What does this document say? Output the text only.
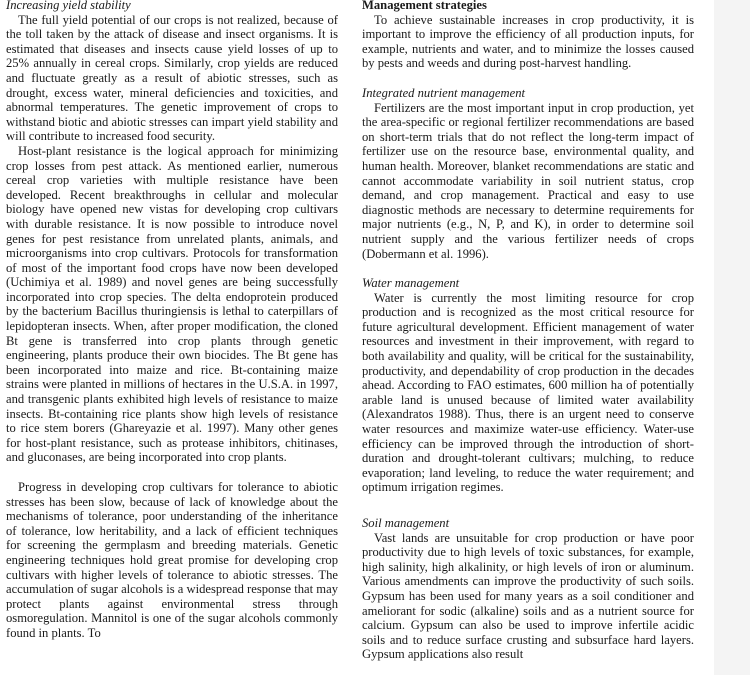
Increasing yield stability

The full yield potential of our crops is not realized, because of the toll taken by the attack of disease and insect organisms. It is estimated that diseases and insects cause yield losses of up to 25% annually in cereal crops. Similarly, crop yields are reduced and fluctuate greatly as a result of abiotic stresses, such as drought, excess water, mineral deficiencies and toxicities, and abnormal temperatures. The genetic improvement of crops to withstand biotic and abiotic stresses can impart yield stability and will contribute to increased food security.

Host-plant resistance is the logical approach for minimizing crop losses from pest attack. As mentioned earlier, numerous cereal crop varieties with multiple resistance have been developed. Recent breakthroughs in cellular and molecular biology have opened new vistas for developing crop cultivars with durable resistance. It is now possible to introduce novel genes for pest resistance from unrelated plants, animals, and microorganisms into crop cultivars. Protocols for transformation of most of the important food crops have now been developed (Uchimiya et al. 1989) and novel genes are being successfully incorporated into crop species. The delta endoprotein produced by the bacterium Bacillus thuringiensis is lethal to caterpillars of lepidopteran insects. When, after proper modification, the cloned Bt gene is transferred into crop plants through genetic engineering, plants produce their own biocides. The Bt gene has been incorporated into maize and rice. Bt-containing maize strains were planted in millions of hectares in the U.S.A. in 1997, and transgenic plants exhibited high levels of resistance to maize insects. Bt-containing rice plants show high levels of resistance to rice stem borers (Ghareyazie et al. 1997). Many other genes for host-plant resistance, such as protease inhibitors, chitinases, and gluconases, are being incorporated into crop plants.

Progress in developing crop cultivars for tolerance to abiotic stresses has been slow, because of lack of knowledge about the mechanisms of tolerance, poor understanding of the inheritance of tolerance, low heritability, and a lack of efficient techniques for screening the germplasm and breeding materials. Genetic engineering techniques hold great promise for developing crop cultivars with higher levels of tolerance to abiotic stresses. The accumulation of sugar alcohols is a widespread response that may protect plants against environmental stress through osmoregulation. Mannitol is one of the sugar alcohols commonly found in plants. To

Management strategies

To achieve sustainable increases in crop productivity, it is important to improve the efficiency of all production inputs, for example, nutrients and water, and to minimize the losses caused by pests and weeds and during post-harvest handling.

Integrated nutrient management

Fertilizers are the most important input in crop production, yet the area-specific or regional fertilizer recommendations are based on short-term trials that do not reflect the long-term impact of fertilizer use on the resource base, environmental quality, and human health. Moreover, blanket recommendations are static and cannot accommodate variability in soil nutrient status, crop demand, and crop management. Practical and easy to use diagnostic methods are necessary to determine requirements for major nutrients (e.g., N, P, and K), in order to determine soil nutrient supply and the various fertilizer needs of crops (Dobermann et al. 1996).

Water management

Water is currently the most limiting resource for crop production and is recognized as the most critical resource for future agricultural development. Efficient management of water resources and investment in their improvement, with regard to both availability and quality, will be critical for the sustainability, productivity, and dependability of crop production in the decades ahead. According to FAO estimates, 600 million ha of potentially arable land is unused because of limited water availability (Alexandratos 1988). Thus, there is an urgent need to conserve water resources and maximize water-use efficiency. Water-use efficiency can be improved through the introduction of short-duration and drought-tolerant cultivars; mulching, to reduce evaporation; land leveling, to reduce the water requirement; and optimum irrigation regimes.

Soil management

Vast lands are unsuitable for crop production or have poor productivity due to high levels of toxic substances, for example, high salinity, high alkalinity, or high levels of iron or aluminum. Various amendments can improve the productivity of such soils. Gypsum has been used for many years as a soil conditioner and ameliorant for sodic (alkaline) soils and as a nutrient source for calcium. Gypsum can also be used to improve infertile acidic soils and to reduce surface crusting and subsurface hard layers. Gypsum applications also result
